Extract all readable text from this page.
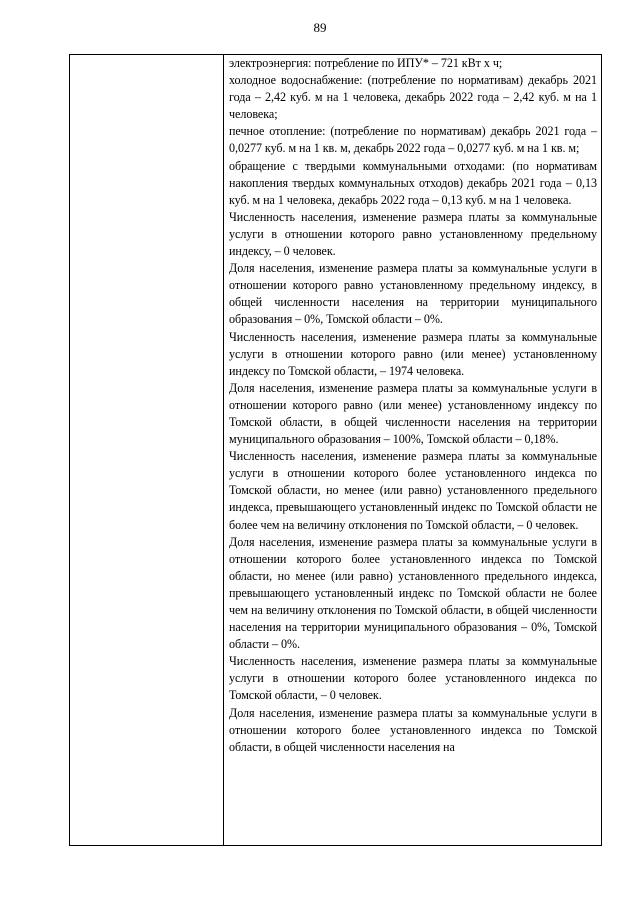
89

электроэнергия: потребление по ИПУ* – 721 кВт х ч;

холодное водоснабжение: (потребление по нормативам) декабрь 2021 года – 2,42 куб. м на 1 человека, декабрь 2022 года – 2,42 куб. м на 1 человека;

печное отопление: (потребление по нормативам) декабрь 2021 года – 0,0277 куб. м на 1 кв. м, декабрь 2022 года – 0,0277 куб. м на 1 кв. м;

обращение с твердыми коммунальными отходами: (по нормативам накопления твердых коммунальных отходов) декабрь 2021 года – 0,13 куб. м на 1 человека, декабрь 2022 года – 0,13 куб. м на 1 человека.

Численность населения, изменение размера платы за коммунальные услуги в отношении которого равно установленному предельному индексу, – 0 человек.

Доля населения, изменение размера платы за коммунальные услуги в отношении которого равно установленному предельному индексу, в общей численности населения на территории муниципального образования – 0%, Томской области – 0%.

Численность населения, изменение размера платы за коммунальные услуги в отношении которого равно (или менее) установленному индексу по Томской области, – 1974 человека.

Доля населения, изменение размера платы за коммунальные услуги в отношении которого равно (или менее) установленному индексу по Томской области, в общей численности населения на территории муниципального образования – 100%, Томской области – 0,18%.

Численность населения, изменение размера платы за коммунальные услуги в отношении которого более установленного индекса по Томской области, но менее (или равно) установленного предельного индекса, превышающего установленный индекс по Томской области не более чем на величину отклонения по Томской области, – 0 человек.

Доля населения, изменение размера платы за коммунальные услуги в отношении которого более установленного индекса по Томской области, но менее (или равно) установленного предельного индекса, превышающего установленный индекс по Томской области не более чем на величину отклонения по Томской области, в общей численности населения на территории муниципального образования – 0%, Томской области – 0%.

Численность населения, изменение размера платы за коммунальные услуги в отношении которого более установленного индекса по Томской области, – 0 человек.

Доля населения, изменение размера платы за коммунальные услуги в отношении которого более установленного индекса по Томской области, в общей численности населения на
